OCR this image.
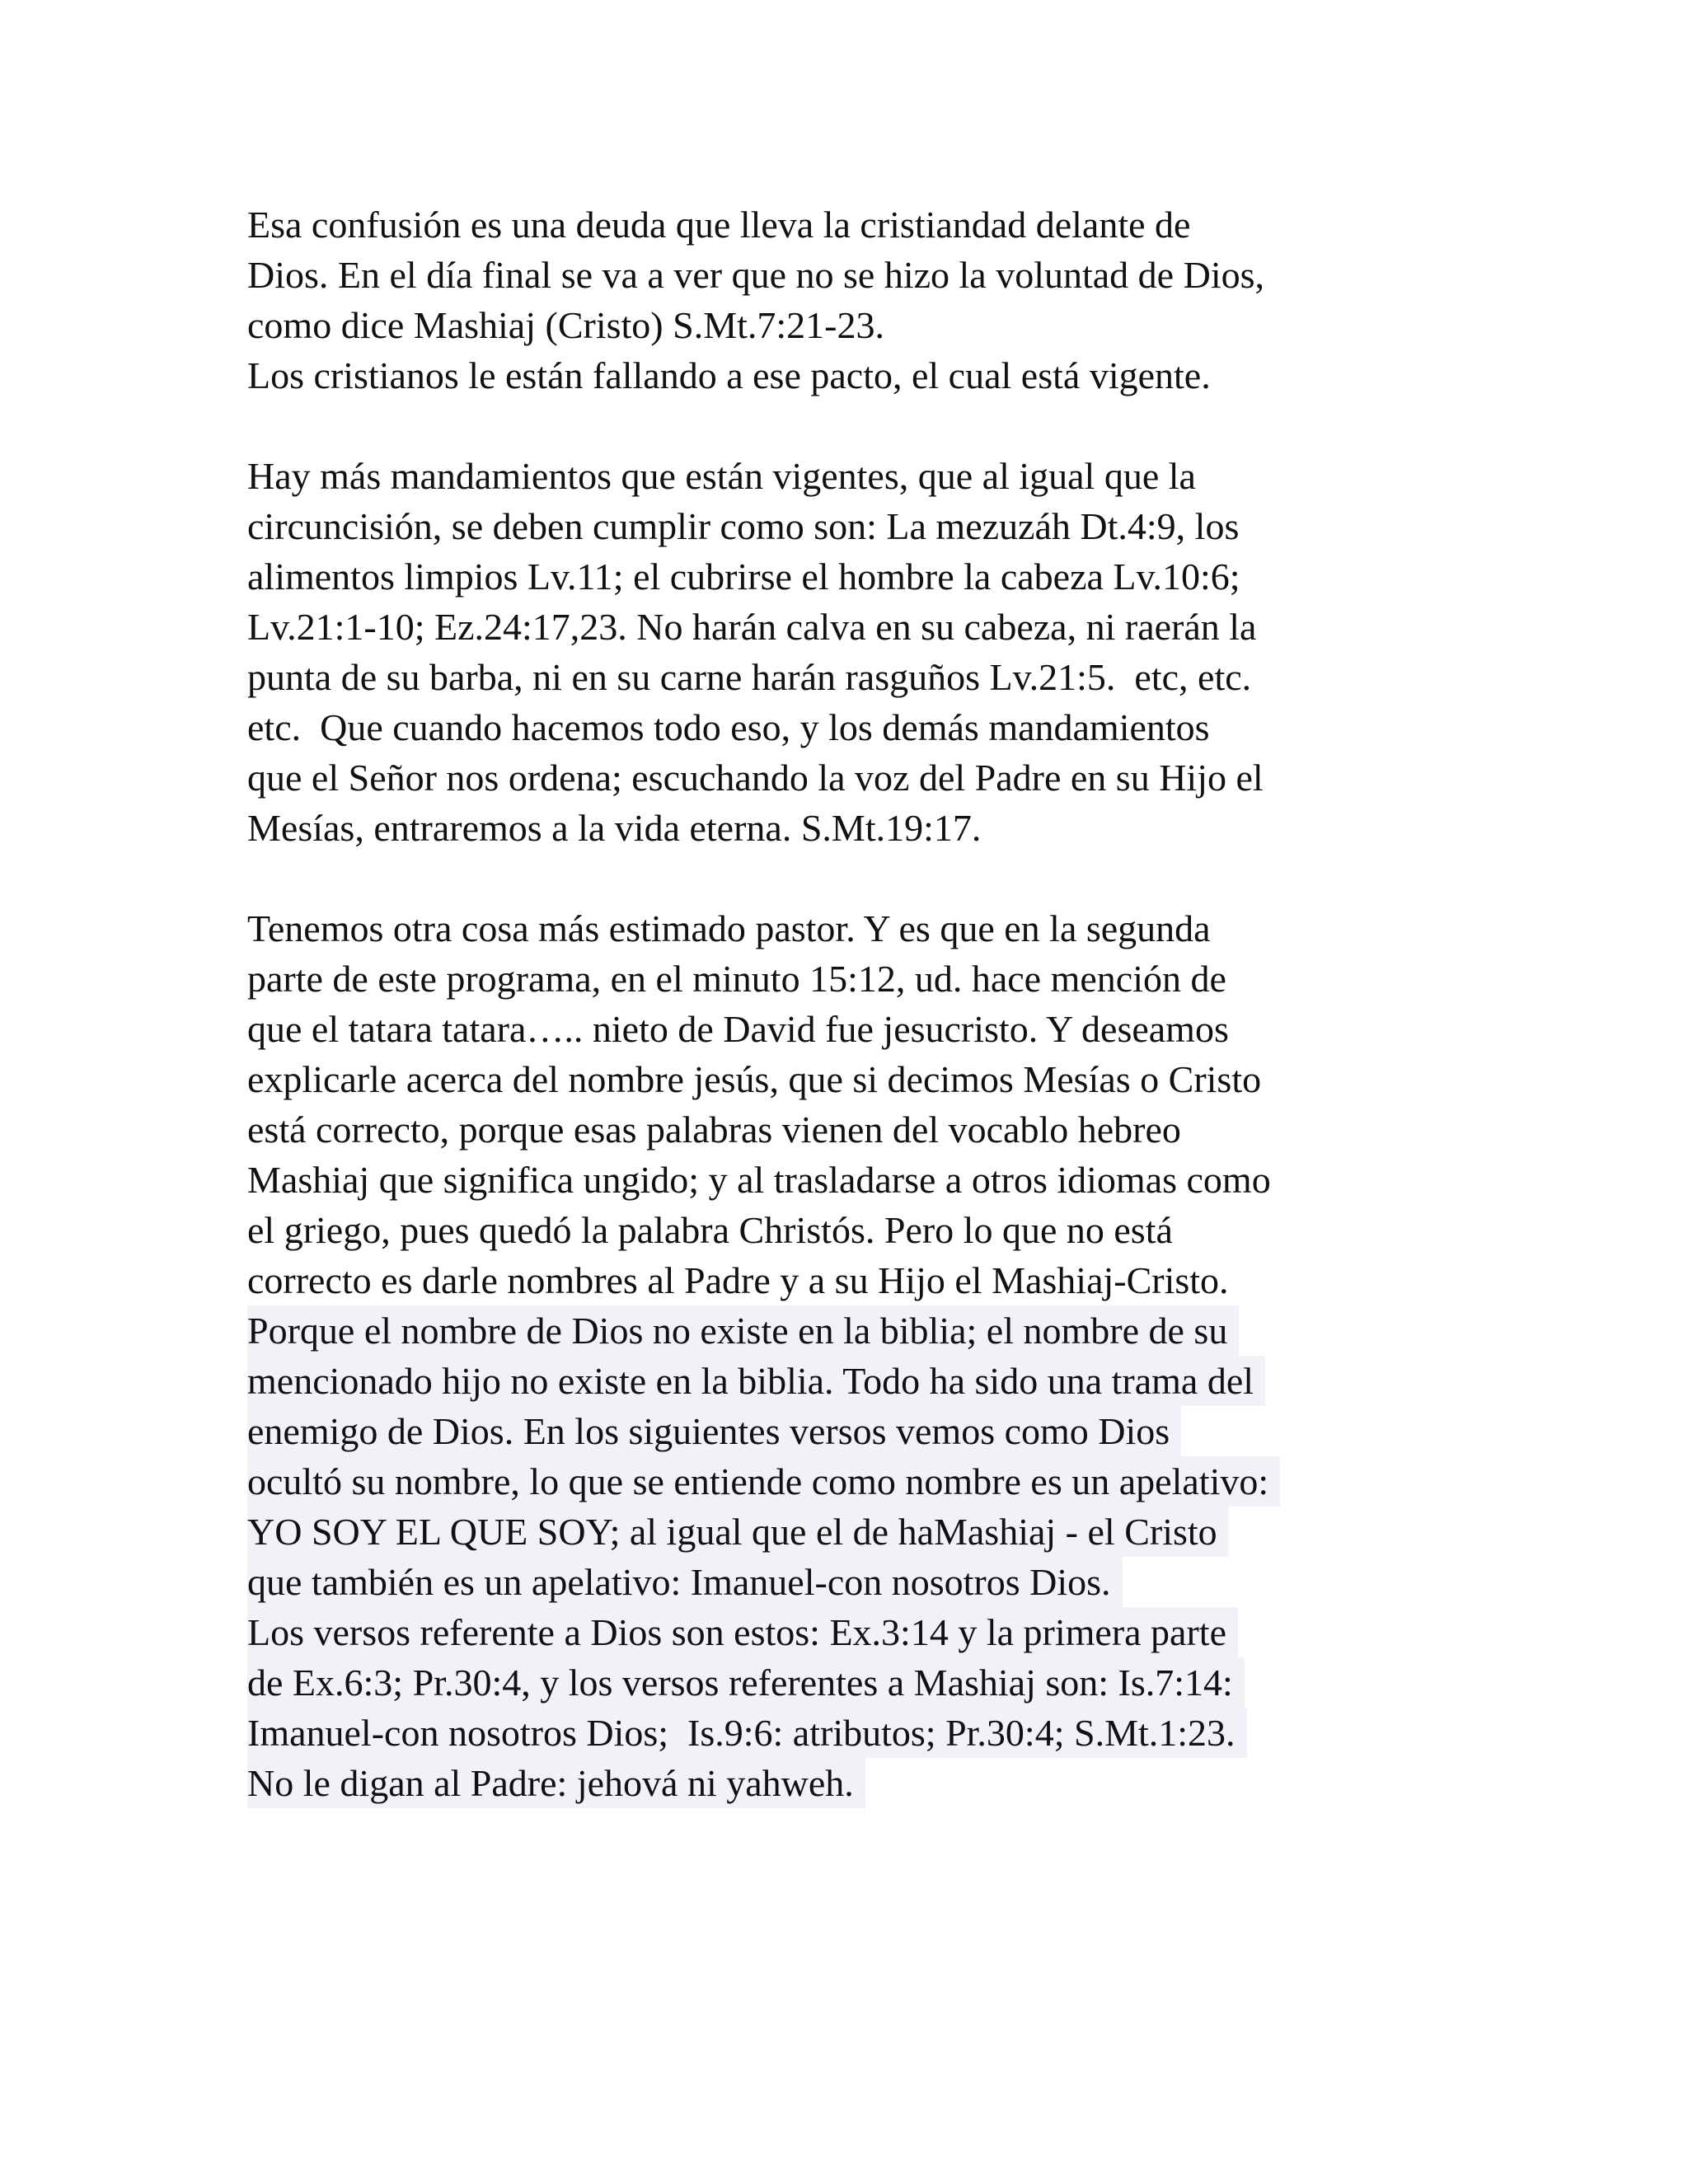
Esa confusión es una deuda que lleva la cristiandad delante de
Dios. En el día final se va a ver que no se hizo la voluntad de Dios,
como dice Mashiaj (Cristo) S.Mt.7:21-23.
Los cristianos le están fallando a ese pacto, el cual está vigente.
Hay más mandamientos que están vigentes, que al igual que la
circuncisión, se deben cumplir como son: La mezuzáh Dt.4:9, los
alimentos limpios Lv.11; el cubrirse el hombre la cabeza Lv.10:6;
Lv.21:1-10; Ez.24:17,23. No harán calva en su cabeza, ni raerán la
punta de su barba, ni en su carne harán rasguños Lv.21:5.  etc, etc.
etc.  Que cuando hacemos todo eso, y los demás mandamientos
que el Señor nos ordena; escuchando la voz del Padre en su Hijo el
Mesías, entraremos a la vida eterna. S.Mt.19:17.
Tenemos otra cosa más estimado pastor. Y es que en la segunda
parte de este programa, en el minuto 15:12, ud. hace mención de
que el tatara tatara….. nieto de David fue jesucristo. Y deseamos
explicarle acerca del nombre jesús, que si decimos Mesías o Cristo
está correcto, porque esas palabras vienen del vocablo hebreo
Mashiaj que significa ungido; y al trasladarse a otros idiomas como
el griego, pues quedó la palabra Christós. Pero lo que no está
correcto es darle nombres al Padre y a su Hijo el Mashiaj-Cristo.
Porque el nombre de Dios no existe en la biblia; el nombre de su
mencionado hijo no existe en la biblia. Todo ha sido una trama del
enemigo de Dios. En los siguientes versos vemos como Dios
ocultó su nombre, lo que se entiende como nombre es un apelativo:
YO SOY EL QUE SOY; al igual que el de haMashiaj - el Cristo
que también es un apelativo: Imanuel-con nosotros Dios.
Los versos referente a Dios son estos: Ex.3:14 y la primera parte
de Ex.6:3; Pr.30:4, y los versos referentes a Mashiaj son: Is.7:14:
Imanuel-con nosotros Dios;  Is.9:6: atributos; Pr.30:4; S.Mt.1:23.
No le digan al Padre: jehová ni yahweh.
